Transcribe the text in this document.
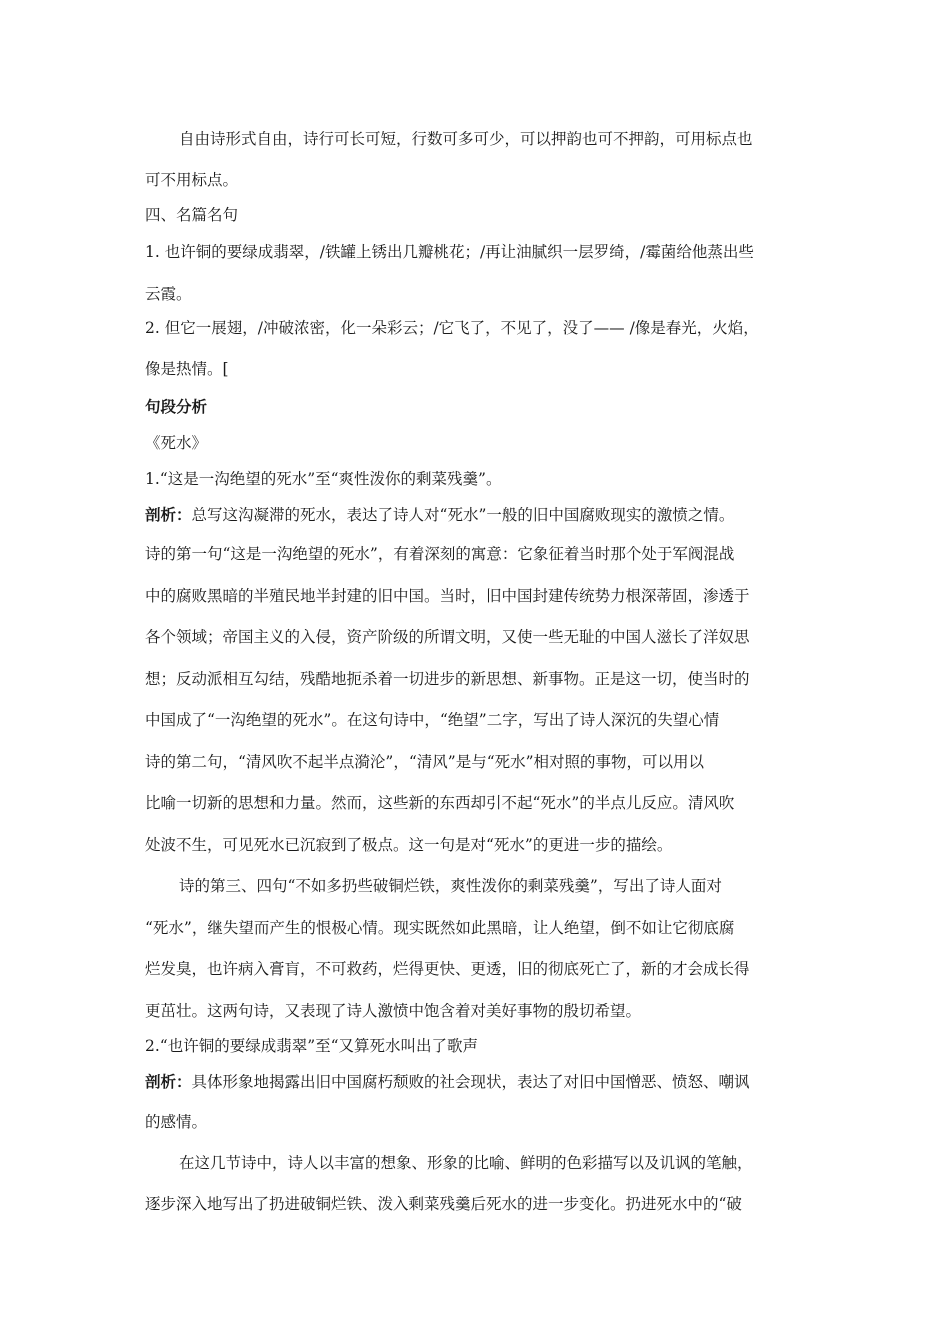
自由诗形式自由，诗行可长可短，行数可多可少，可以押韵也可不押韵，可用标点也
可不用标点。
四、名篇名句
1. 也许铜的要绿成翡翠，/铁罐上锈出几瓣桃花；/再让油腻织一层罗绮，/霉菌给他蒸出些
云霞。
2. 但它一展翅，/冲破浓密，化一朵彩云；/它飞了，不见了，没了—— /像是春光，火焰，
像是热情。[
句段分析
《死水》
1.“这是一沟绝望的死水”至“爽性泼你的剩菜残羹”。
剖析：总写这沟凝滞的死水，表达了诗人对“死水”一般的旧中国腐败现实的激愤之情。
诗的第一句“这是一沟绝望的死水”，有着深刻的寓意：它象征着当时那个处于军阀混战
中的腐败黑暗的半殖民地半封建的旧中国。当时，旧中国封建传统势力根深蒂固，渗透于
各个领域；帝国主义的入侵，资产阶级的所谓文明，又使一些无耻的中国人滋长了洋奴思
想；反动派相互勾结，残酷地扼杀着一切进步的新思想、新事物。正是这一切，使当时的
中国成了“一沟绝望的死水”。在这句诗中，“绝望”二字，写出了诗人深沉的失望心情
诗的第二句，“清风吹不起半点漪沦”，“清风”是与“死水”相对照的事物，可以用以
比喻一切新的思想和力量。然而，这些新的东西却引不起“死水”的半点儿反应。清风吹
处波不生，可见死水已沉寂到了极点。这一句是对“死水”的更进一步的描绘。
诗的第三、四句“不如多扔些破铜烂铁，爽性泼你的剩菜残羹”，写出了诗人面对
“死水”，继失望而产生的恨极心情。现实既然如此黑暗，让人绝望，倒不如让它彻底腐
烂发臭，也许病入膏肓，不可救药，烂得更快、更透，旧的彻底死亡了，新的才会成长得
更茁壮。这两句诗，又表现了诗人激愤中饱含着对美好事物的殷切希望。
2.“也许铜的要绿成翡翠”至“又算死水叫出了歌声
剖析：具体形象地揭露出旧中国腐朽颓败的社会现状，表达了对旧中国憎恶、愤怒、嘲讽
的感情。
在这几节诗中，诗人以丰富的想象、形象的比喻、鲜明的色彩描写以及讥讽的笔触，
逐步深入地写出了扔进破铜烂铁、泼入剩菜残羹后死水的进一步变化。扔进死水中的“破
